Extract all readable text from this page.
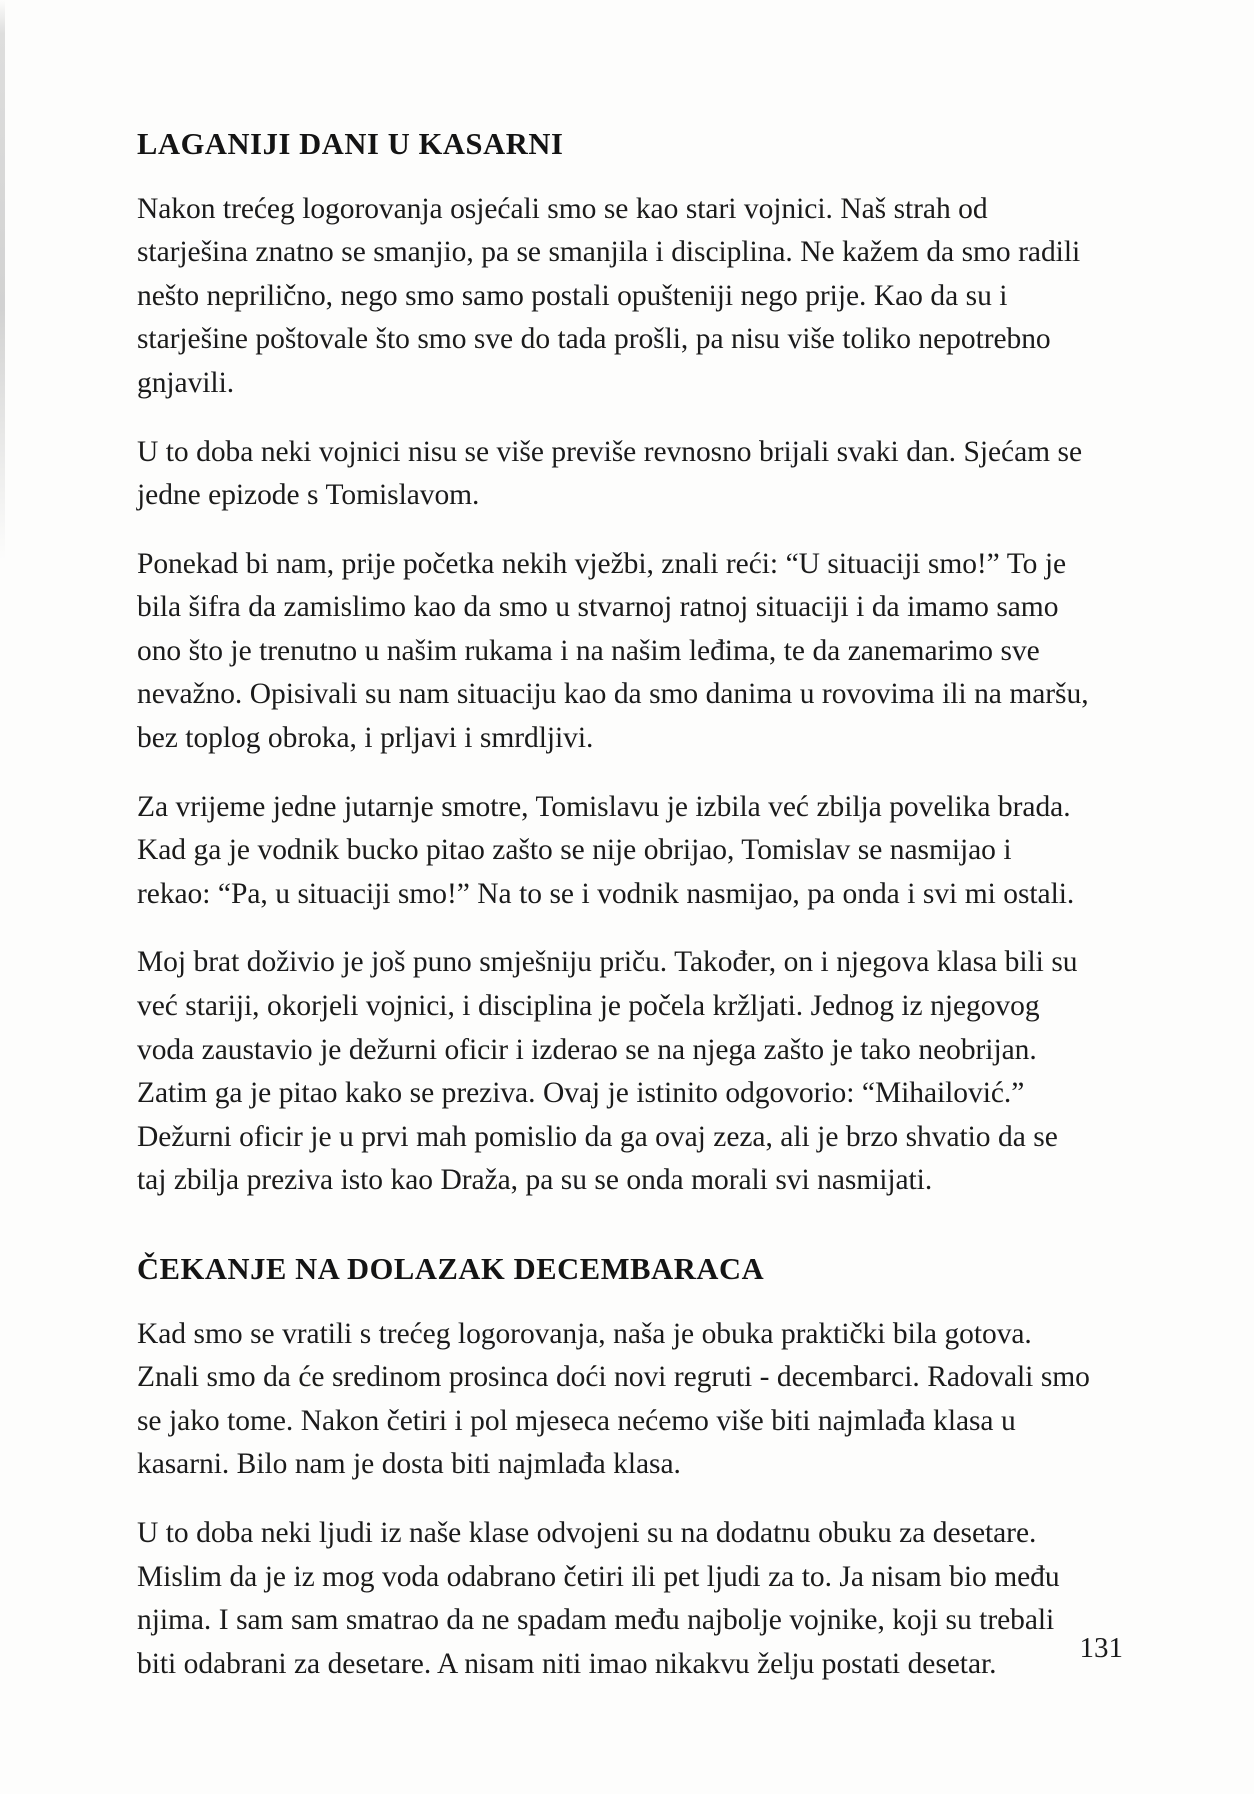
LAGANIJI DANI U KASARNI

Nakon trećeg logorovanja osjećali smo se kao stari vojnici. Naš strah od starješina znatno se smanjio, pa se smanjila i disciplina. Ne kažem da smo radili nešto neprilično, nego smo samo postali opušteniji nego prije. Kao da su i starješine poštovale što smo sve do tada prošli, pa nisu više toliko nepotrebno gnjavili.

U to doba neki vojnici nisu se više previše revnosno brijali svaki dan. Sjećam se jedne epizode s Tomislavom.

Ponekad bi nam, prije početka nekih vježbi, znali reći: “U situaciji smo!” To je bila šifra da zamislimo kao da smo u stvarnoj ratnoj situaciji i da imamo samo ono što je trenutno u našim rukama i na našim leđima, te da zanemarimo sve nevažno. Opisivali su nam situaciju kao da smo danima u rovovima ili na maršu, bez toplog obroka, i prljavi i smrdljivi.

Za vrijeme jedne jutarnje smotre, Tomislavu je izbila već zbilja povelika brada. Kad ga je vodnik bucko pitao zašto se nije obrijao, Tomislav se nasmijao i rekao: “Pa, u situaciji smo!” Na to se i vodnik nasmijao, pa onda i svi mi ostali.

Moj brat doživio je još puno smješniju priču. Također, on i njegova klasa bili su već stariji, okorjeli vojnici, i disciplina je počela kržljati. Jednog iz njegovog voda zaustavio je dežurni oficir i izderao se na njega zašto je tako neobrijan. Zatim ga je pitao kako se preziva. Ovaj je istinito odgovorio: “Mihailović.” Dežurni oficir je u prvi mah pomislio da ga ovaj zeza, ali je brzo shvatio da se taj zbilja preziva isto kao Draža, pa su se onda morali svi nasmijati.

ČEKANJE NA DOLAZAK DECEMBARACA

Kad smo se vratili s trećeg logorovanja, naša je obuka praktički bila gotova. Znali smo da će sredinom prosinca doći novi regruti - decembarci. Radovali smo se jako tome. Nakon četiri i pol mjeseca nećemo više biti najmlađa klasa u kasarni. Bilo nam je dosta biti najmlađa klasa.

U to doba neki ljudi iz naše klase odvojeni su na dodatnu obuku za desetare. Mislim da je iz mog voda odabrano četiri ili pet ljudi za to. Ja nisam bio među njima. I sam sam smatrao da ne spadam među najbolje vojnike, koji su trebali biti odabrani za desetare. A nisam niti imao nikakvu želju postati desetar.	131
